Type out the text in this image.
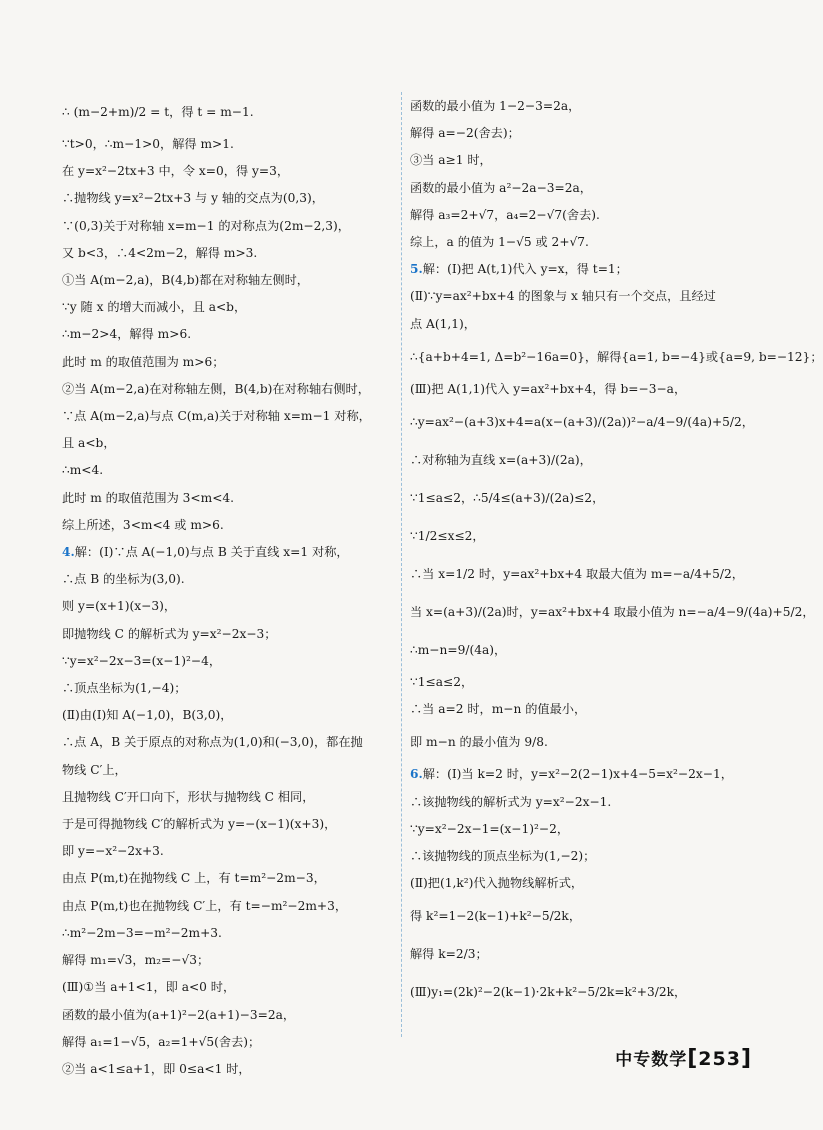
∴ (m−2+m)/2 = t，得 t = m−1.
∵t>0，∴m−1>0，解得 m>1.
在 y=x²−2tx+3 中，令 x=0，得 y=3，
∴抛物线 y=x²−2tx+3 与 y 轴的交点为(0,3)，
∵(0,3)关于对称轴 x=m−1 的对称点为(2m−2,3)，
又 b<3，∴4<2m−2，解得 m>3.
①当 A(m−2,a)，B(4,b)都在对称轴左侧时，
∵y 随 x 的增大而减小，且 a<b，
∴m−2>4，解得 m>6.
此时 m 的取值范围为 m>6；
②当 A(m−2,a)在对称轴左侧，B(4,b)在对称轴右侧时，
∵点 A(m−2,a)与点 C(m,a)关于对称轴 x=m−1 对称，
且 a<b，
∴m<4.
此时 m 的取值范围为 3<m<4.
综上所述，3<m<4 或 m>6.
4.解：(Ⅰ)∵点 A(−1,0)与点 B 关于直线 x=1 对称，
∴点 B 的坐标为(3,0).
则 y=(x+1)(x−3)，
即抛物线 C 的解析式为 y=x²−2x−3；
∵y=x²−2x−3=(x−1)²−4，
∴顶点坐标为(1,−4)；
(Ⅱ)由(Ⅰ)知 A(−1,0)，B(3,0)，
∴点 A，B 关于原点的对称点为(1,0)和(−3,0)，都在抛
物线 C′上，
且抛物线 C′开口向下，形状与抛物线 C 相同，
于是可得抛物线 C′的解析式为 y=−(x−1)(x+3)，
即 y=−x²−2x+3.
由点 P(m,t)在抛物线 C 上，有 t=m²−2m−3，
由点 P(m,t)也在抛物线 C′上，有 t=−m²−2m+3，
∴m²−2m−3=−m²−2m+3.
解得 m₁=√3，m₂=−√3；
(Ⅲ)①当 a+1<1，即 a<0 时，
函数的最小值为(a+1)²−2(a+1)−3=2a，
解得 a₁=1−√5，a₂=1+√5(舍去)；
②当 a<1≤a+1，即 0≤a<1 时，
函数的最小值为 1−2−3=2a，
解得 a=−2(舍去)；
③当 a≥1 时，
函数的最小值为 a²−2a−3=2a，
解得 a₃=2+√7，a₄=2−√7(舍去).
综上，a 的值为 1−√5 或 2+√7.
5.解：(Ⅰ)把 A(t,1)代入 y=x，得 t=1；
(Ⅱ)∵y=ax²+bx+4 的图象与 x 轴只有一个交点，且经过
点 A(1,1)，
∴{a+b+4=1, Δ=b²−16a=0}，解得{a=1, b=−4}或{a=9, b=−12}；
(Ⅲ)把 A(1,1)代入 y=ax²+bx+4，得 b=−3−a，
∴y=ax²−(a+3)x+4=a(x−(a+3)/(2a))²−a/4−9/(4a)+5/2，
∴对称轴为直线 x=(a+3)/(2a)，
∵1≤a≤2，∴5/4≤(a+3)/(2a)≤2，
∵1/2≤x≤2，
∴当 x=1/2 时，y=ax²+bx+4 取最大值为 m=−a/4+5/2，
当 x=(a+3)/(2a)时，y=ax²+bx+4 取最小值为 n=−a/4−9/(4a)+5/2，
∴m−n=9/(4a)，
∵1≤a≤2，
∴当 a=2 时，m−n 的值最小，
即 m−n 的最小值为 9/8.
6.解：(Ⅰ)当 k=2 时，y=x²−2(2−1)x+4−5=x²−2x−1，
∴该抛物线的解析式为 y=x²−2x−1.
∵y=x²−2x−1=(x−1)²−2，
∴该抛物线的顶点坐标为(1,−2)；
(Ⅱ)把(1,k²)代入抛物线解析式，
得 k²=1−2(k−1)+k²−5/2k，
解得 k=2/3；
(Ⅲ)y₁=(2k)²−2(k−1)·2k+k²−5/2k=k²+3/2k，
中专数学[253]
